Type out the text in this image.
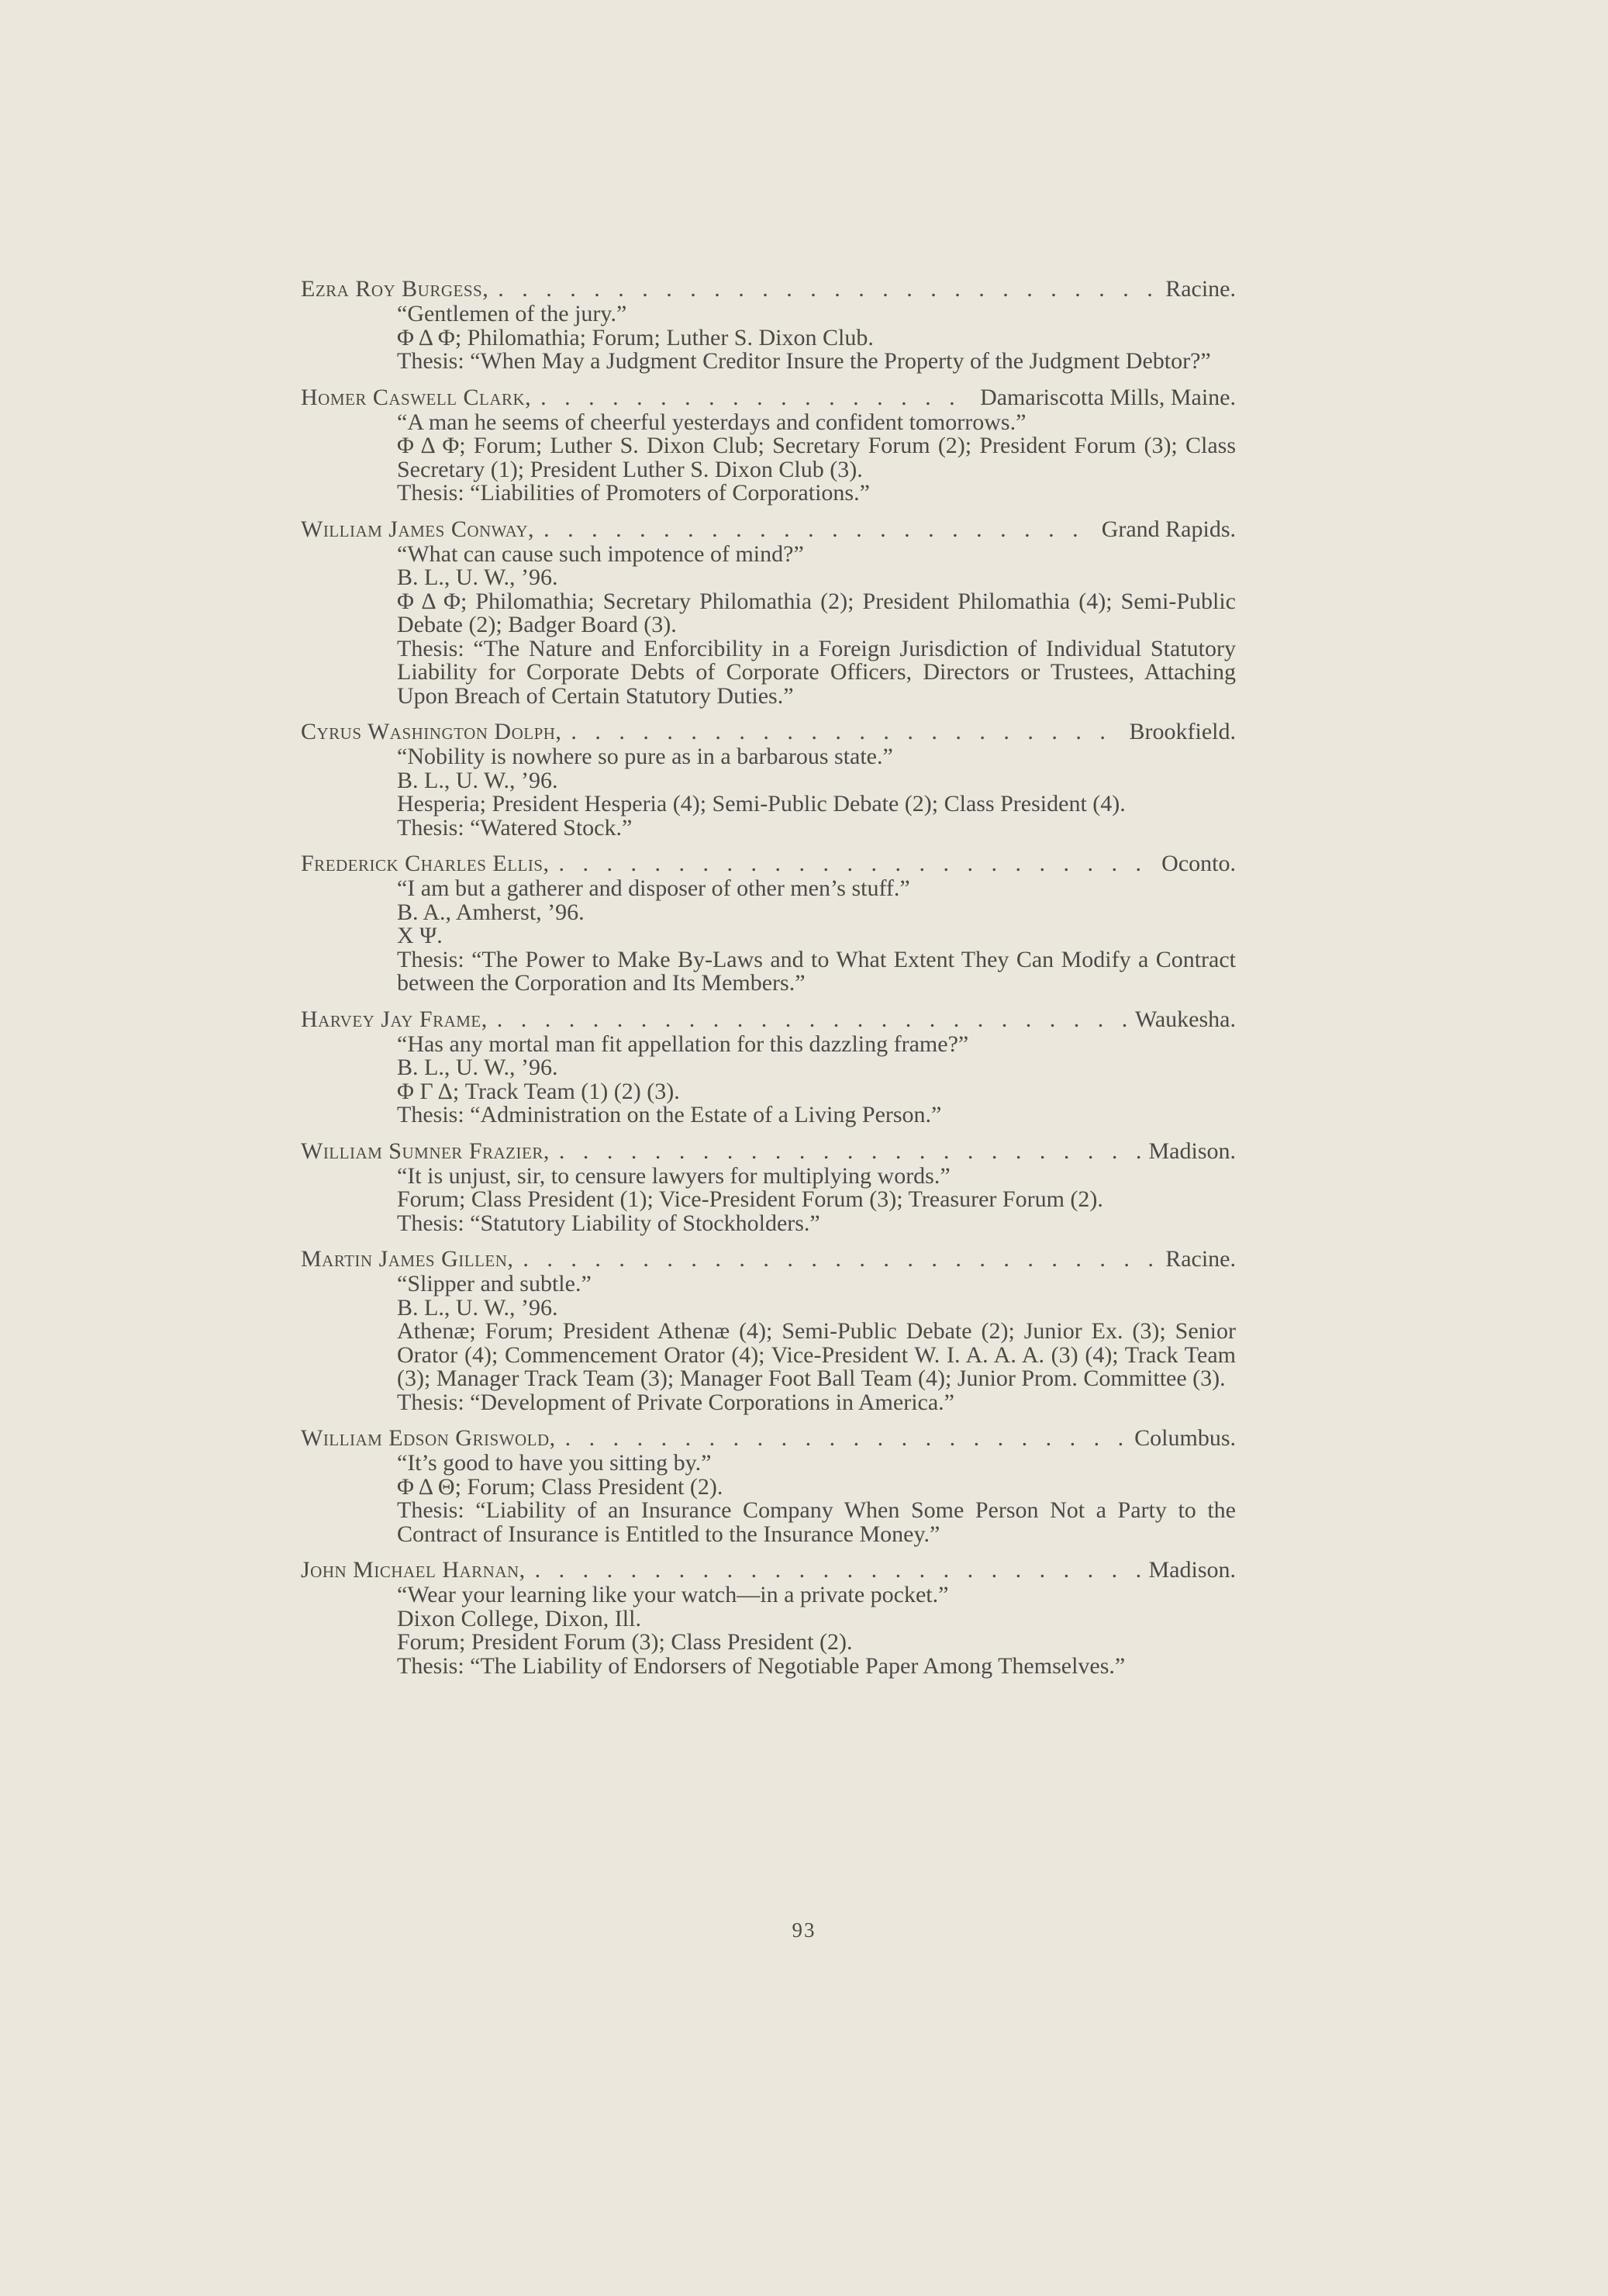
Ezra Roy Burgess, . . .	Racine.
“Gentlemen of the jury.”
Φ Δ Φ; Philomathia; Forum; Luther S. Dixon Club.
Thesis: “When May a Judgment Creditor Insure the Property of the Judgment Debtor?”
Homer Caswell Clark, . . .	Damariscotta Mills, Maine.
“A man he seems of cheerful yesterdays and confident tomorrows.”
Φ Δ Φ; Forum; Luther S. Dixon Club; Secretary Forum (2); President Forum (3); Class Secretary (1); President Luther S. Dixon Club (3).
Thesis: “Liabilities of Promoters of Corporations.”
William James Conway, . . .	Grand Rapids.
“What can cause such impotence of mind?”
B. L., U. W., ’96.
Φ Δ Φ; Philomathia; Secretary Philomathia (2); President Philomathia (4); Semi-Public Debate (2); Badger Board (3).
Thesis: “The Nature and Enforcibility in a Foreign Jurisdiction of Individual Statutory Liability for Corporate Debts of Corporate Officers, Directors or Trustees, Attaching Upon Breach of Certain Statutory Duties.”
Cyrus Washington Dolph, . . .	Brookfield.
“Nobility is nowhere so pure as in a barbarous state.”
B. L., U. W., ’96.
Hesperia; President Hesperia (4); Semi-Public Debate (2); Class President (4).
Thesis: “Watered Stock.”
Frederick Charles Ellis, . . .	Oconto.
“I am but a gatherer and disposer of other men’s stuff.”
B. A., Amherst, ’96.
Χ Ψ.
Thesis: “The Power to Make By-Laws and to What Extent They Can Modify a Contract between the Corporation and Its Members.”
Harvey Jay Frame, . . .	Waukesha.
“Has any mortal man fit appellation for this dazzling frame?”
B. L., U. W., ’96.
Φ Γ Δ; Track Team (1) (2) (3).
Thesis: “Administration on the Estate of a Living Person.”
William Sumner Frazier, . . .	Madison.
“It is unjust, sir, to censure lawyers for multiplying words.”
Forum; Class President (1); Vice-President Forum (3); Treasurer Forum (2).
Thesis: “Statutory Liability of Stockholders.”
Martin James Gillen, . . .	Racine.
“Slipper and subtle.”
B. L., U. W., ’96.
Athenæ; Forum; President Athenæ (4); Semi-Public Debate (2); Junior Ex. (3); Senior Orator (4); Commencement Orator (4); Vice-President W. I. A. A. A. (3) (4); Track Team (3); Manager Track Team (3); Manager Foot Ball Team (4); Junior Prom. Committee (3).
Thesis: “Development of Private Corporations in America.”
William Edson Griswold, . . .	Columbus.
“It’s good to have you sitting by.”
Φ Δ Θ; Forum; Class President (2).
Thesis: “Liability of an Insurance Company When Some Person Not a Party to the Contract of Insurance is Entitled to the Insurance Money.”
John Michael Harnan, . . .	Madison.
“Wear your learning like your watch—in a private pocket.”
Dixon College, Dixon, Ill.
Forum; President Forum (3); Class President (2).
Thesis: “The Liability of Endorsers of Negotiable Paper Among Themselves.”
93
